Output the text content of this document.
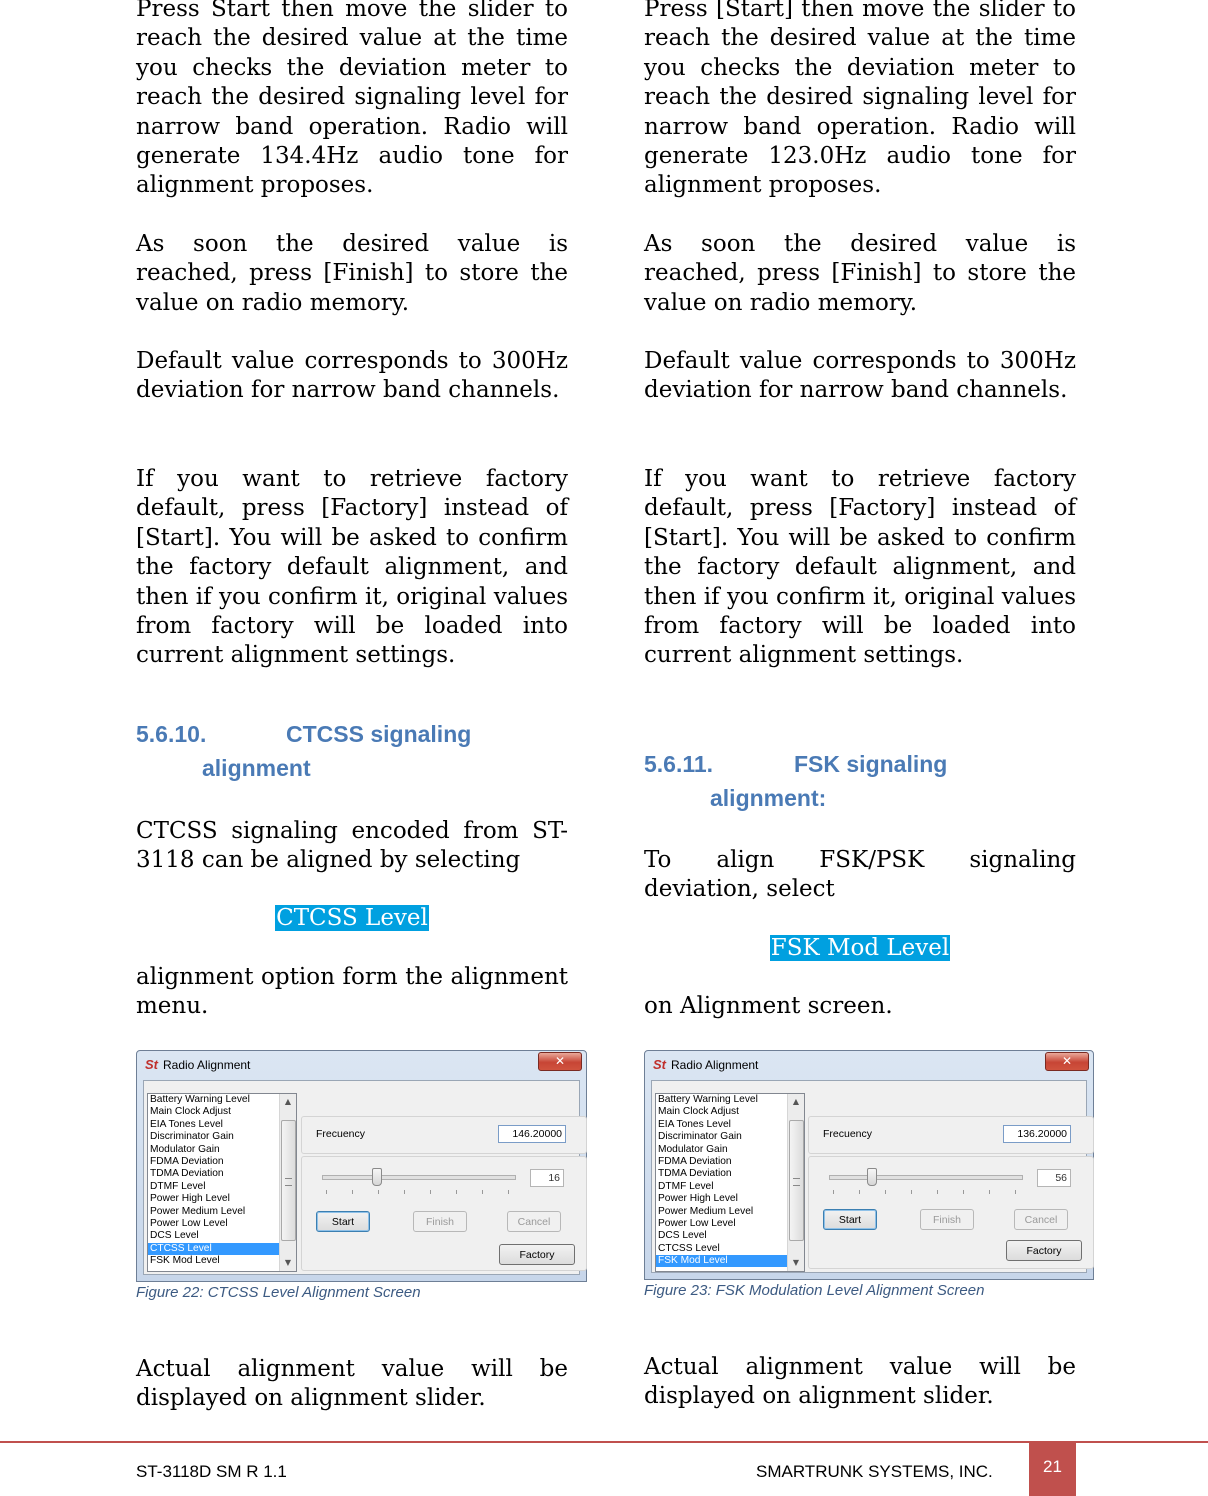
Press Start then move the slider to reach the desired value at the time you checks the deviation meter to reach the desired signaling level for narrow band operation. Radio will generate 134.4Hz audio tone for alignment proposes.

As soon the desired value is reached, press [Finish] to store the value on radio memory.

Default value corresponds to 300Hz deviation for narrow band channels.

If you want to retrieve factory default, press [Factory] instead of [Start]. You will be asked to confirm the factory default alignment, and then if you confirm it, original values from factory will be loaded into current alignment settings.

5.6.10.	CTCSS signaling
alignment

CTCSS signaling encoded from ST-3118 can be aligned by selecting

CTCSS Level

alignment option form the alignment menu.

Figure 22: CTCSS Level Alignment Screen

Actual alignment value will be displayed on alignment slider.

Press [Start] then move the slider to reach the desired value at the time you checks the deviation meter to reach the desired signaling level for narrow band operation. Radio will generate 123.0Hz audio tone for alignment proposes.

As soon the desired value is reached, press [Finish] to store the value on radio memory.

Default value corresponds to 300Hz deviation for narrow band channels.

If you want to retrieve factory default, press [Factory] instead of [Start]. You will be asked to confirm the factory default alignment, and then if you confirm it, original values from factory will be loaded into current alignment settings.

5.6.11.	FSK signaling
alignment:

To align FSK/PSK signaling deviation, select

FSK Mod Level

on Alignment screen.

Figure 23: FSK Modulation Level Alignment Screen

Actual alignment value will be displayed on alignment slider.

St Radio Alignment	✕
Battery Warning Level
Main Clock Adjust
EIA Tones Level
Discriminator Gain
Modulator Gain
FDMA Deviation
TDMA Deviation
DTMF Level
Power High Level
Power Medium Level
Power Low Level
DCS Level
CTCSS Level
FSK Mod Level
▲
▼
Frecuency	146.20000
16
Start	Finish	Cancel
Factory
St Radio Alignment	✕
Battery Warning Level
Main Clock Adjust
EIA Tones Level
Discriminator Gain
Modulator Gain
FDMA Deviation
TDMA Deviation
DTMF Level
Power High Level
Power Medium Level
Power Low Level
DCS Level
CTCSS Level
FSK Mod Level
▲
▼
Frecuency	136.20000
56
Start	Finish	Cancel
Factory
ST-3118D SM R 1.1	SMARTRUNK SYSTEMS, INC.	21
